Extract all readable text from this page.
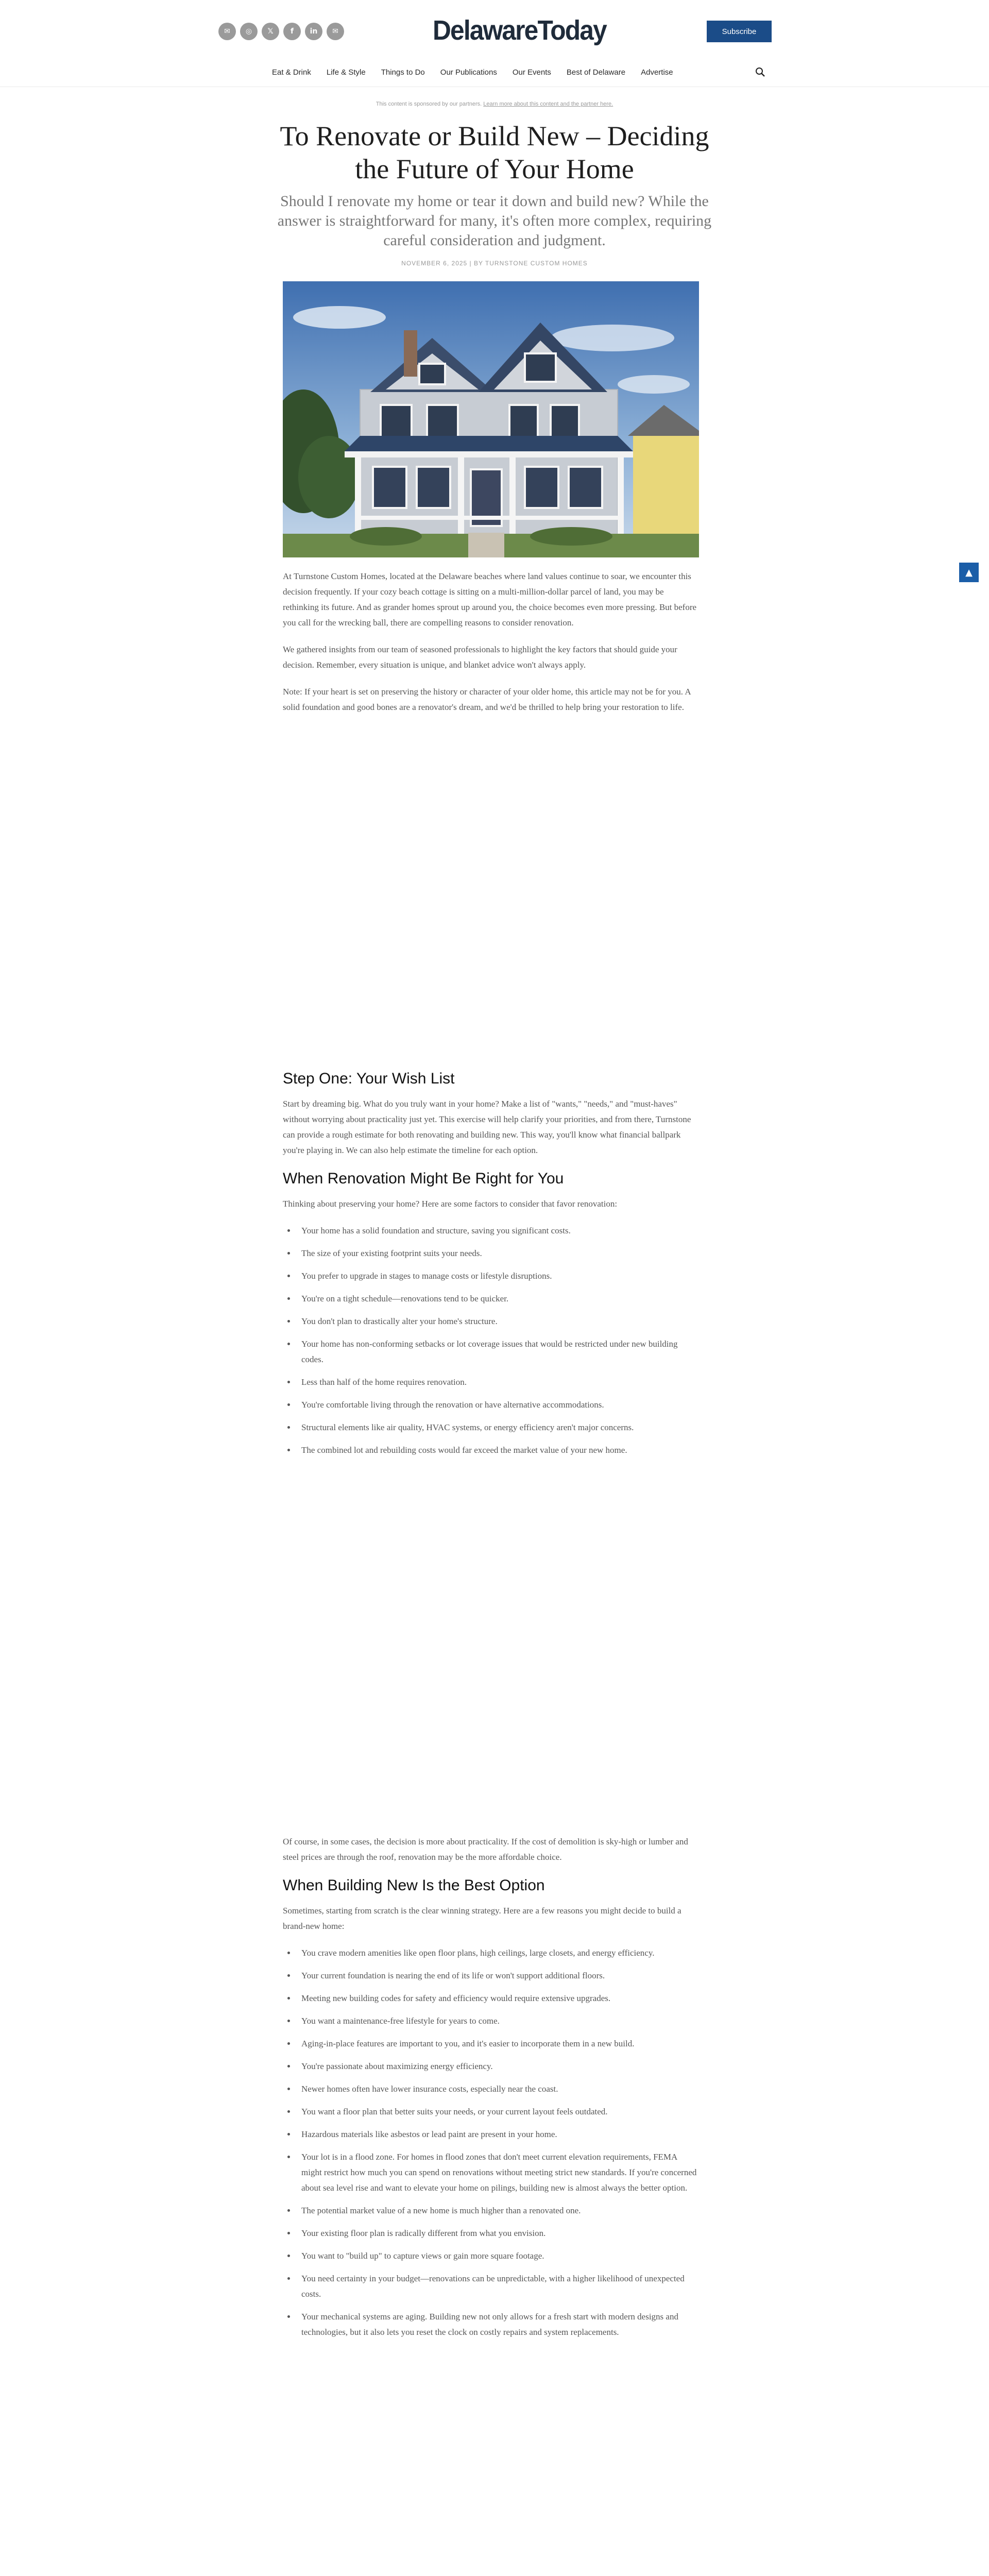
✉	◎	𝕏	f	in	✉	DelawareToday	Subscribe
Eat & Drink Life & Style Things to Do Our Publications Our Events Best of Delaware Advertise
This content is sponsored by our partners. Learn more about this content and the partner here.
To Renovate or Build New – Deciding the Future of Your Home

Should I renovate my home or tear it down and build new? While the answer is straightforward for many, it's often more complex, requiring careful consideration and judgment.

NOVEMBER 6, 2025 | BY TURNSTONE CUSTOM HOMES

At Turnstone Custom Homes, located at the Delaware beaches where land values continue to soar, we encounter this decision frequently. If your cozy beach cottage is sitting on a multi-million-dollar parcel of land, you may be rethinking its future. And as grander homes sprout up around you, the choice becomes even more pressing. But before you call for the wrecking ball, there are compelling reasons to consider renovation.

We gathered insights from our team of seasoned professionals to highlight the key factors that should guide your decision. Remember, every situation is unique, and blanket advice won't always apply.

Note: If your heart is set on preserving the history or character of your older home, this article may not be for you. A solid foundation and good bones are a renovator's dream, and we'd be thrilled to help bring your restoration to life.

Step One: Your Wish List

Start by dreaming big. What do you truly want in your home? Make a list of "wants," "needs," and "must-haves" without worrying about practicality just yet. This exercise will help clarify your priorities, and from there, Turnstone can provide a rough estimate for both renovating and building new. This way, you'll know what financial ballpark you're playing in. We can also help estimate the timeline for each option.

When Renovation Might Be Right for You

Thinking about preserving your home? Here are some factors to consider that favor renovation:

• Your home has a solid foundation and structure, saving you significant costs.
• The size of your existing footprint suits your needs.
• You prefer to upgrade in stages to manage costs or lifestyle disruptions.
• You're on a tight schedule—renovations tend to be quicker.
• You don't plan to drastically alter your home's structure.
• Your home has non-conforming setbacks or lot coverage issues that would be restricted under new building codes.
• Less than half of the home requires renovation.
• You're comfortable living through the renovation or have alternative accommodations.
• Structural elements like air quality, HVAC systems, or energy efficiency aren't major concerns.
• The combined lot and rebuilding costs would far exceed the market value of your new home.

Of course, in some cases, the decision is more about practicality. If the cost of demolition is sky-high or lumber and steel prices are through the roof, renovation may be the more affordable choice.

When Building New Is the Best Option

Sometimes, starting from scratch is the clear winning strategy. Here are a few reasons you might decide to build a brand-new home:

• You crave modern amenities like open floor plans, high ceilings, large closets, and energy efficiency.
• Your current foundation is nearing the end of its life or won't support additional floors.
• Meeting new building codes for safety and efficiency would require extensive upgrades.
• You want a maintenance-free lifestyle for years to come.
• Aging-in-place features are important to you, and it's easier to incorporate them in a new build.
• You're passionate about maximizing energy efficiency.
• Newer homes often have lower insurance costs, especially near the coast.
• You want a floor plan that better suits your needs, or your current layout feels outdated.
• Hazardous materials like asbestos or lead paint are present in your home.
• Your lot is in a flood zone. For homes in flood zones that don't meet current elevation requirements, FEMA might restrict how much you can spend on renovations without meeting strict new standards. If you're concerned about sea level rise and want to elevate your home on pilings, building new is almost always the better option.
• The potential market value of a new home is much higher than a renovated one.
• Your existing floor plan is radically different from what you envision.
• You want to "build up" to capture views or gain more square footage.
• You need certainty in your budget—renovations can be unpredictable, with a higher likelihood of unexpected costs.
• Your mechanical systems are aging. Building new not only allows for a fresh start with modern designs and technologies, but it also lets you reset the clock on costly repairs and system replacements.

▲
